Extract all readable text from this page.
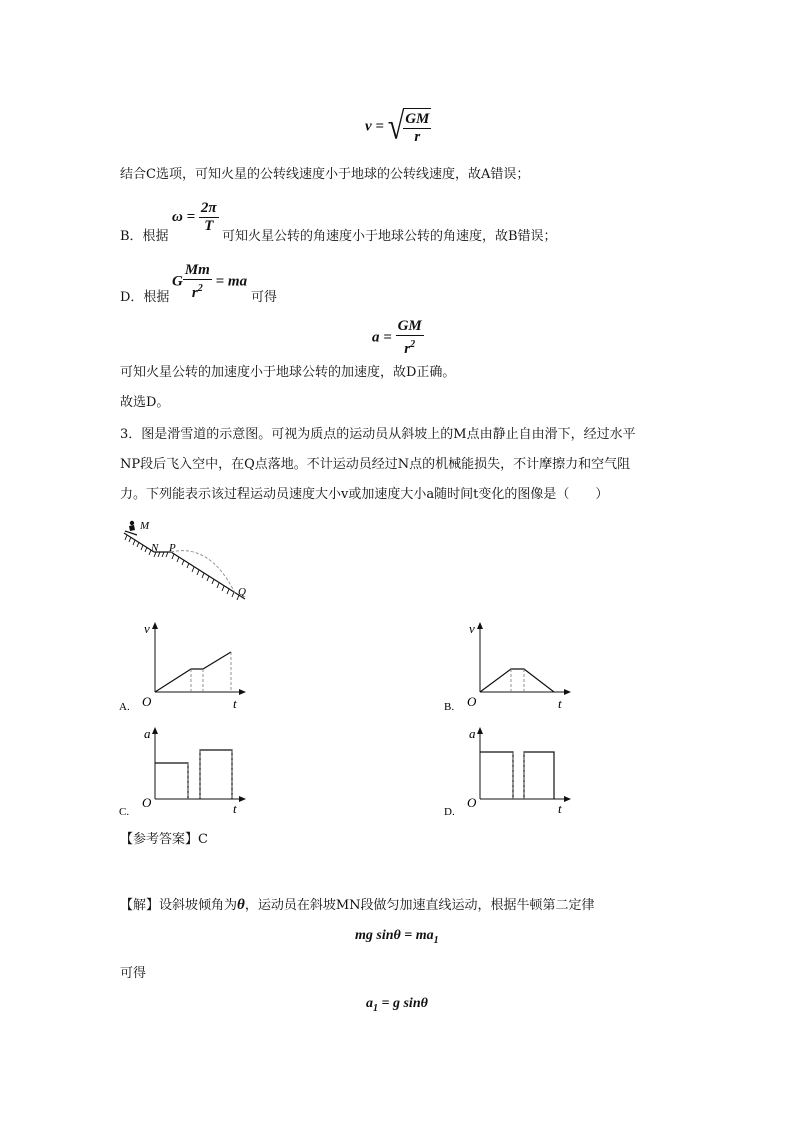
v = √ $\frac{GM}{r}$
结合C选项，可知火星的公转线速度小于地球的公转线速度，故A错误；
B．根据
$\omega = \frac{2\pi}{T}$
可知火星公转的角速度小于地球公转的角速度，故B错误；
D．根据
G $\frac{Mm}{r^2}$ = ma
可得
$a = \frac{GM}{r^2}$
可知火星公转的加速度小于地球公转的加速度，故D正确。
故选D。
3．图是滑雪道的示意图。可视为质点的运动员从斜坡上的M点由静止自由滑下，经过水平
NP段后飞入空中，在Q点落地。不计运动员经过N点的机械能损失，不计摩擦力和空气阻
力。下列能表示该过程运动员速度大小v或加速度大小a随时间t变化的图像是（　　）
M
N P
Q
A.
v
t
O	B.
v
t
O
C.
a
t
O
D.
a
t
O
【参考答案】C
【解】设斜坡倾角为θ，运动员在斜坡MN段做匀加速直线运动，根据牛顿第二定律
mg $\sin\theta = ma_1$
可得
$a_1 = g$ sinθ
